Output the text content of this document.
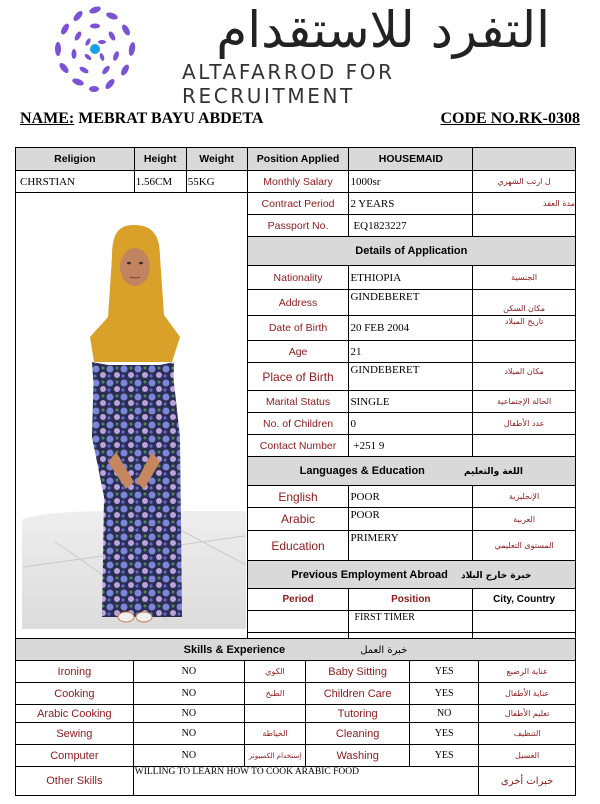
التفرد للاستقدام
ALTAFARROD FOR RECRUITMENT
NAME: MEBRAT BAYU ABDETA	CODE NO.RK-0308
Religion	Height	Weight	Position Applied	HOUSEMAID	
CHRSTIAN	1.56CM	55KG	Monthly Salary	1000sr	ل ارتب الشهري
			Contract Period	2 YEARS	مدة العقد
			Passport No.	EQ1823227	
			Details of Application		
			Nationality	ETHIOPIA	الجنسية
			Address	GINDEBERET	مكان السكن
			Date of Birth	20 FEB 2004	تاريخ الميلاد
			Age	21	
			Place of Birth	GINDEBERET	مكان الميلاد
			Marital Status	SINGLE	الحالة الإجتماعية
			No. of Children	0	عدد الأطفال
			Contact Number	+251 9	
			Languages & Education اللغة والتعليم		
			English	POOR	الإنجليزية
			Arabic	POOR	العربية
			Education	PRIMERY	المستوى التعليمي
			Previous Employment Abroad خبرة خارج البلاد		
			Period	Position	City, Country
				FIRST TIMER	

Skills & Experience خبرة العمل					
Ironing	NO	الكوي	Baby Sitting	YES	عناية الرضيع
Cooking	NO	الطبخ	Children Care	YES	عناية الأطفال
Arabic Cooking	NO		Tutoring	NO	تعليم الأطفال
Sewing	NO	الخياطة	Cleaning	YES	التنظيف
Computer	NO	إستخدام الكمبيوتر	Washing	YES	الغسيل
Other Skills	WILLING TO LEARN HOW TO COOK ARABIC FOOD				خبرات أخرى
